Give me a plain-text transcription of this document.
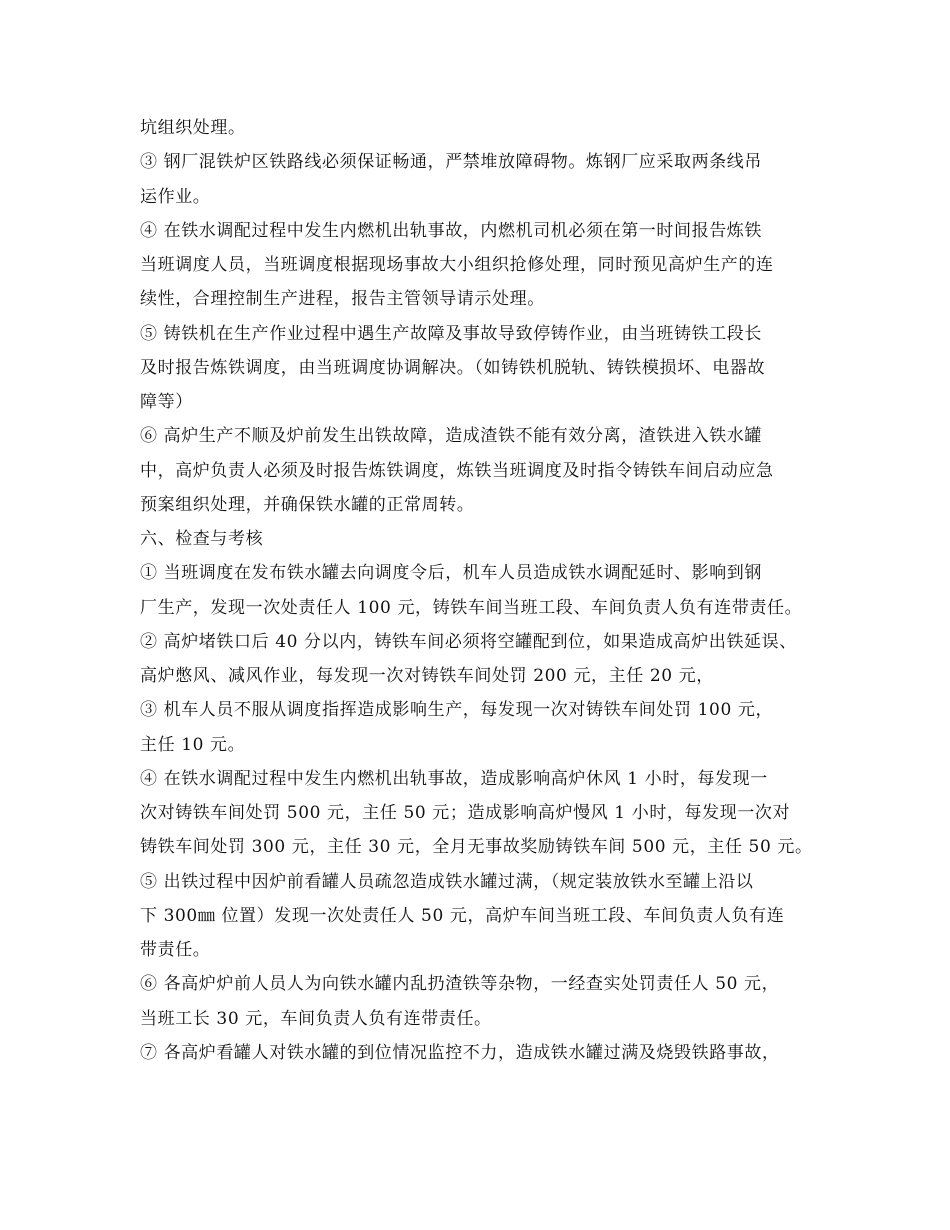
坑组织处理。
③ 钢厂混铁炉区铁路线必须保证畅通，严禁堆放障碍物。炼钢厂应采取两条线吊
运作业。
④ 在铁水调配过程中发生内燃机出轨事故，内燃机司机必须在第一时间报告炼铁
当班调度人员，当班调度根据现场事故大小组织抢修处理，同时预见高炉生产的连
续性，合理控制生产进程，报告主管领导请示处理。
⑤ 铸铁机在生产作业过程中遇生产故障及事故导致停铸作业，由当班铸铁工段长
及时报告炼铁调度，由当班调度协调解决。（如铸铁机脱轨、铸铁模损坏、电器故
障等）
⑥ 高炉生产不顺及炉前发生出铁故障，造成渣铁不能有效分离，渣铁进入铁水罐
中，高炉负责人必须及时报告炼铁调度，炼铁当班调度及时指令铸铁车间启动应急
预案组织处理，并确保铁水罐的正常周转。
六、检查与考核
① 当班调度在发布铁水罐去向调度令后，机车人员造成铁水调配延时、影响到钢
厂生产，发现一次处责任人 100 元，铸铁车间当班工段、车间负责人负有连带责任。
② 高炉堵铁口后 40 分以内，铸铁车间必须将空罐配到位，如果造成高炉出铁延误、
高炉憋风、减风作业，每发现一次对铸铁车间处罚 200 元，主任 20 元，
③ 机车人员不服从调度指挥造成影响生产，每发现一次对铸铁车间处罚 100 元，
主任 10 元。
④ 在铁水调配过程中发生内燃机出轨事故，造成影响高炉休风 1 小时，每发现一
次对铸铁车间处罚 500 元，主任 50 元；造成影响高炉慢风 1 小时，每发现一次对
铸铁车间处罚 300 元，主任 30 元，全月无事故奖励铸铁车间 500 元，主任 50 元。
⑤ 出铁过程中因炉前看罐人员疏忽造成铁水罐过满，（规定装放铁水至罐上沿以
下 300㎜ 位置）发现一次处责任人 50 元，高炉车间当班工段、车间负责人负有连
带责任。
⑥ 各高炉炉前人员人为向铁水罐内乱扔渣铁等杂物，一经查实处罚责任人 50 元，
当班工长 30 元，车间负责人负有连带责任。
⑦ 各高炉看罐人对铁水罐的到位情况监控不力，造成铁水罐过满及烧毁铁路事故，
